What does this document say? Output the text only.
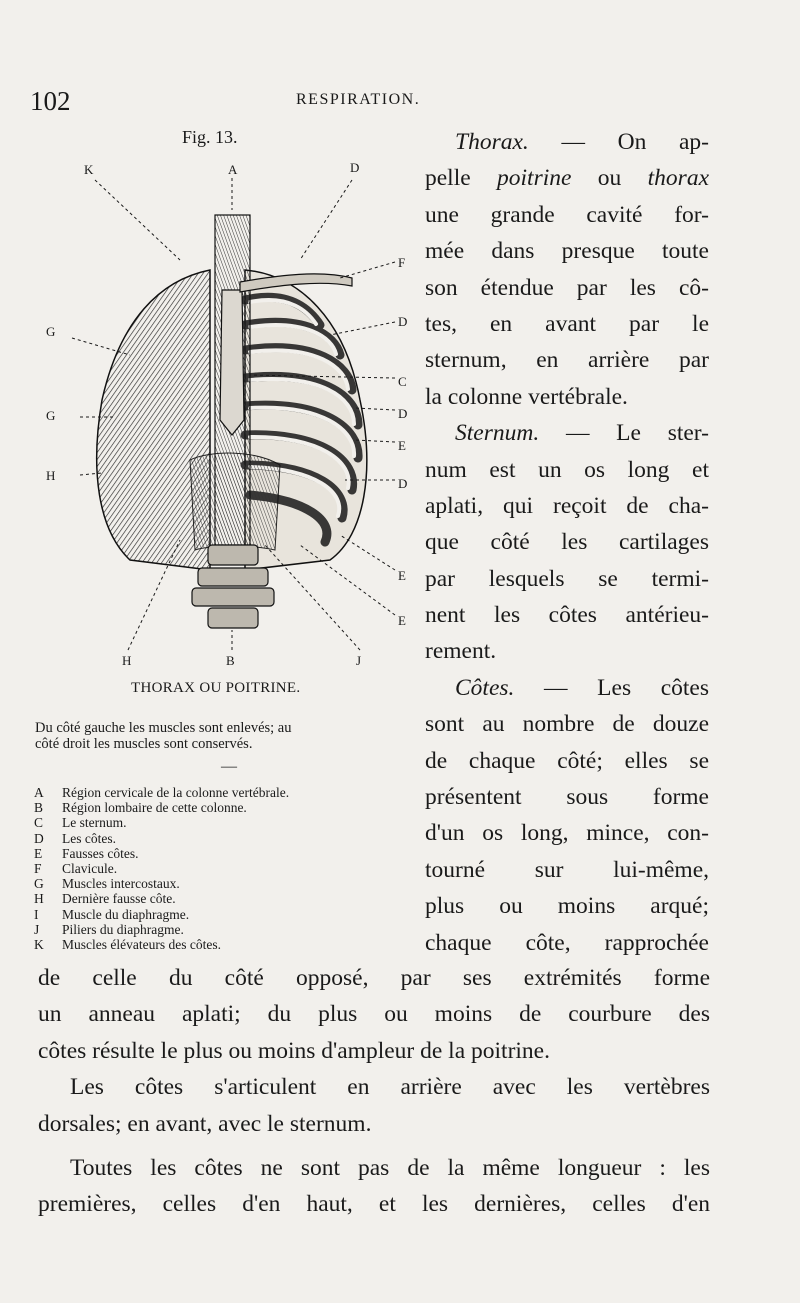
102	RESPIRATION.
Fig. 13.
K	A	D
F
G
D
C
G	D
E
H
D
E
E
H	B	J
THORAX OU POITRINE.
Du côté gauche les muscles sont enlevés; au
côté droit les muscles sont conservés.
—
A	Région cervicale de la colonne vertébrale.
B	Région lombaire de cette colonne.
C	Le sternum.
D	Les côtes.
E	Fausses côtes.
F	Clavicule.
G	Muscles intercostaux.
H	Dernière fausse côte.
I	Muscle du diaphragme.
J	Piliers du diaphragme.
K	Muscles élévateurs des côtes.
Thorax. — On ap-
pelle poitrine ou thorax
une grande cavité for-
mée dans presque toute
son étendue par les cô-
tes, en avant par le
sternum, en arrière par
la colonne vertébrale.
Sternum. — Le ster-
num est un os long et
aplati, qui reçoit de cha-
que côté les cartilages
par lesquels se termi-
nent les côtes antérieu-
rement.
Côtes. — Les côtes
sont au nombre de douze
de chaque côté; elles se
présentent sous forme
d'un os long, mince, con-
tourné sur lui-même,
plus ou moins arqué;
chaque côte, rapprochée
de celle du côté opposé, par ses extrémités forme
un anneau aplati; du plus ou moins de courbure des
côtes résulte le plus ou moins d'ampleur de la poitrine.
Les côtes s'articulent en arrière avec les vertèbres
dorsales; en avant, avec le sternum.
Toutes les côtes ne sont pas de la même longueur : les
premières, celles d'en haut, et les dernières, celles d'en
